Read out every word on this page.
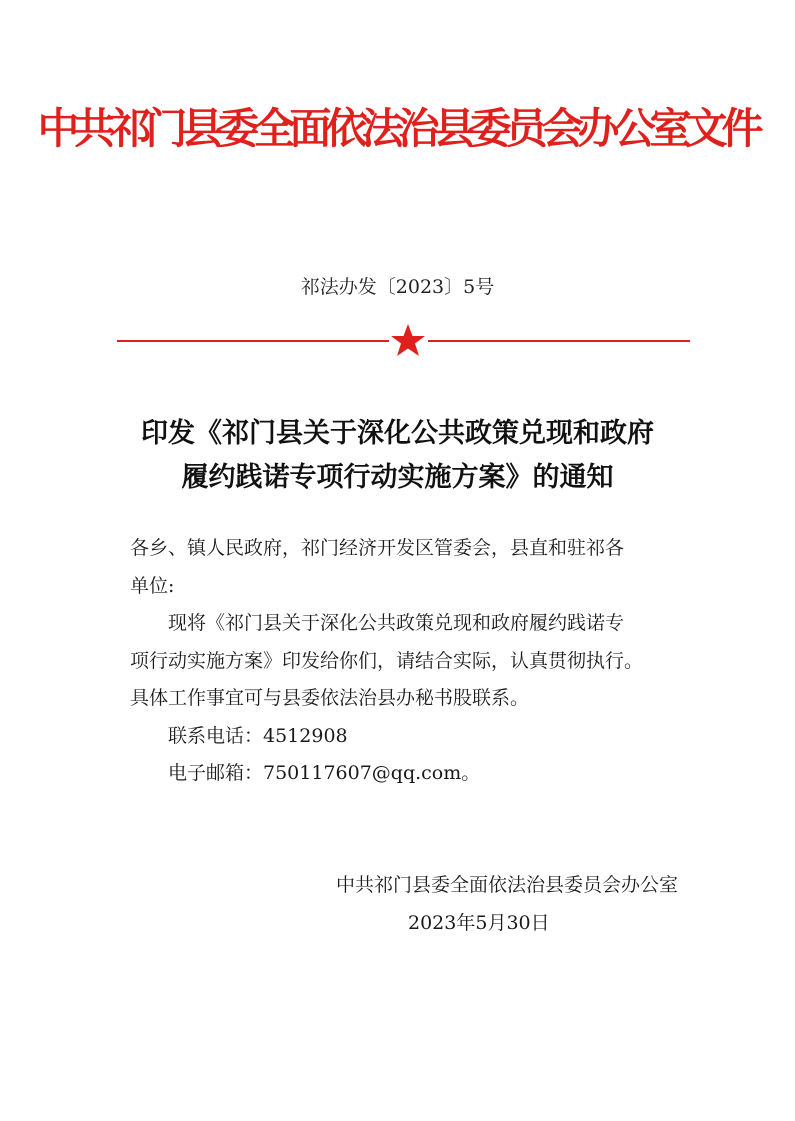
中共祁门县委全面依法治县委员会办公室文件
祁法办发〔2023〕5号
印发《祁门县关于深化公共政策兑现和政府
履约践诺专项行动实施方案》的通知
各乡、镇人民政府，祁门经济开发区管委会，县直和驻祁各
单位:
现将《祁门县关于深化公共政策兑现和政府履约践诺专
项行动实施方案》印发给你们，请结合实际，认真贯彻执行。
具体工作事宜可与县委依法治县办秘书股联系。
联系电话：4512908
电子邮箱：750117607@qq.com。
中共祁门县委全面依法治县委员会办公室
2023年5月30日
